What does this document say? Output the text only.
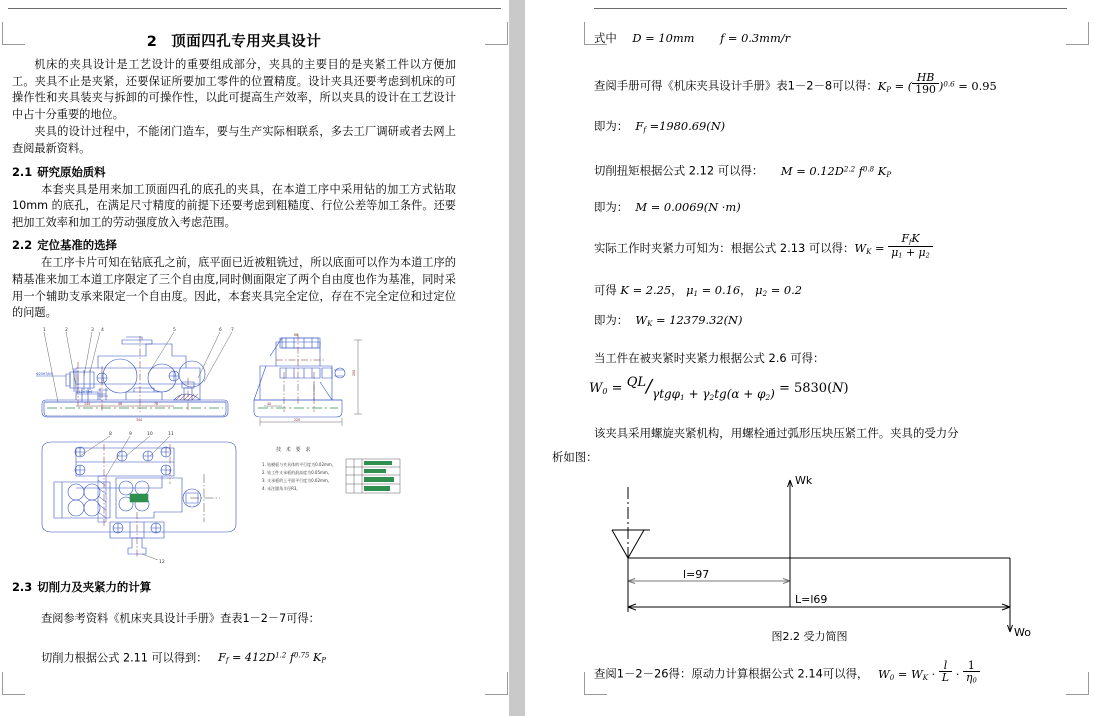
2 顶面四孔专用夹具设计

机床的夹具设计是工艺设计的重要组成部分，夹具的主要目的是夹紧工件以方便加工。夹具不止是夹紧，还要保证所要加工零件的位置精度。设计夹具还要考虑到机床的可操作性和夹具装夹与拆卸的可操作性，以此可提高生产效率，所以夹具的设计在工艺设计中占十分重要的地位。

夹具的设计过程中，不能闭门造车，要与生产实际相联系，多去工厂调研或者去网上查阅最新资料。

2.1 研究原始质料

本套夹具是用来加工顶面四孔的底孔的夹具，在本道工序中采用钻的加工方式钻取 10mm 的底孔，在满足尺寸精度的前提下还要考虑到粗糙度、行位公差等加工条件。还要把加工效率和加工的劳动强度放入考虑范围。

2.2 定位基准的选择

在工序卡片可知在钻底孔之前，底平面已近被粗铣过，所以底面可以作为本道工序的精基准来加工本道工序限定了三个自由度,同时侧面限定了两个自由度也作为基准，同时采用一个辅助支承来限定一个自由度。因此，本套夹具完全定位，存在不完全定位和过定位的问题。

1	2	3 4	5	6 7
8	9	10	11
12
144	46	78
344
40
220
200
68
Ф20Н7/h6
Ф12Н7/h6
技 术 要 求
1. 钻模板与夹具体的平行度为0.02mm。
2. 钻工件支承板的最高度为0.05mm。
3. 支承板的上平面平行度为0.02mm。
4. 未注圆角半径R3。
2.3 切削力及夹紧力的计算

查阅参考资料《机床夹具设计手册》查表1－2－7可得：

切削力根据公式 2.11 可以得到：   $F_f = 412D^{1.2}$ $f^{0.75}$ $K_P$

式中 D = 10mm f = 0.3mm/r
查阅手册可得《机床夹具设计手册》表1－2－8可以得：$K_P$ = ( $\frac{HB}{190} )^{0.6} = 0.95$
即为：  $F_f =1980.69(N)$
切削扭矩根据公式 2.12 可以得： $M = 0.12D^{2.2}$ $f^{0.8}$ $K_P$
即为：  M = 0.0069(N ·m)
实际工作时夹紧力可知为：根据公式 2.13 可以得：$W_K = \frac{F_fK}{\mu_1 + \mu_2}$
可得 K = 2.25， $\mu_1 = 0.16$， $\mu_2 = 0.2$
即为：  $W_K = 12379.32(N)$
当工件在被夹紧时夹紧力根据公式 2.6 可得：
$W_0$ = QL∕γtgφ$_1$ + $\gamma_2tg(\alpha + \varphi_2) = 5830(N)$
该夹具采用螺旋夹紧机构，用螺栓通过弧形压块压紧工件。夹具的受力分
析如图：
Wk
Wo
l=97
L=l69
图2.2 受力简图
查阅1－2－26得：原动力计算根据公式 2.14可以得， $W_0 = W_K \cdot \frac{l}{L} \cdot \frac{1}{\eta_0}$
